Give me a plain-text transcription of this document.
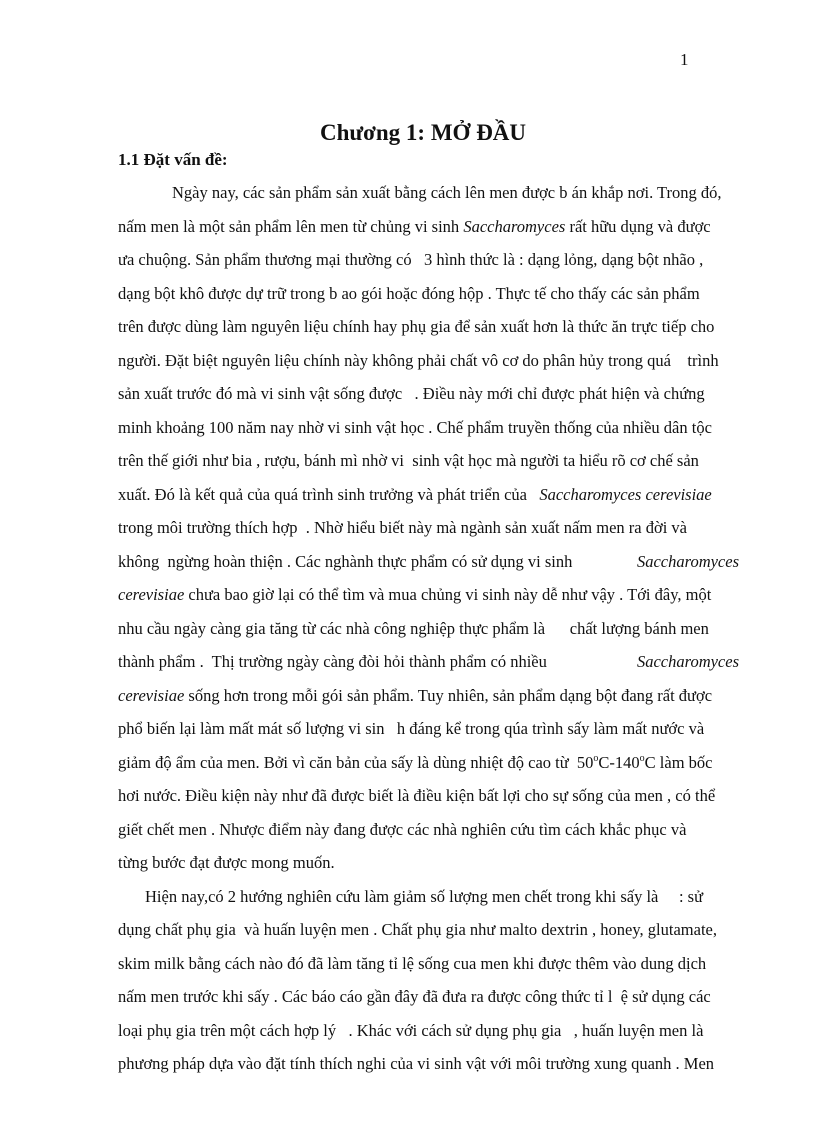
1
Chương 1: MỞ ĐẦU
1.1 Đặt vấn đề:
Ngày nay, các sản phẩm sản xuất bằng cách lên men được b án khắp nơi. Trong đó,
nấm men là một sản phẩm lên men từ chủng vi sinh Saccharomyces rất hữu dụng và được
ưa chuộng. Sản phẩm thương mại thường có   3 hình thức là : dạng lỏng, dạng bột nhão ,
dạng bột khô được dự trữ trong b ao gói hoặc đóng hộp . Thực tế cho thấy các sản phẩm
trên được dùng làm nguyên liệu chính hay phụ gia để sản xuất hơn là thức ăn trực tiếp cho
người. Đặt biệt nguyên liệu chính này không phải chất vô cơ do phân hủy trong quá    trình
sản xuất trước đó mà vi sinh vật sống được   . Điều này mới chỉ được phát hiện và chứng
minh khoảng 100 năm nay nhờ vi sinh vật học . Chế phẩm truyền thống của nhiều dân tộc
trên thế giới như bia , rượu, bánh mì nhờ vi  sinh vật học mà người ta hiểu rõ cơ chế sản
xuất. Đó là kết quả của quá trình sinh trưởng và phát triển của   Saccharomyces cerevisiae
trong môi trường thích hợp  . Nhờ hiểu biết này mà ngành sản xuất nấm men ra đời và
không  ngừng hoàn thiện . Các nghành thực phẩm có sử dụng vi sinh	Saccharomyces
cerevisiae chưa bao giờ lại có thể tìm và mua chủng vi sinh này dễ như vậy . Tới đây, một
nhu cầu ngày càng gia tăng từ các nhà công nghiệp thực phẩm là      chất lượng bánh men
thành phẩm .  Thị trường ngày càng đòi hỏi thành phẩm có nhiều	Saccharomyces
cerevisiae sống hơn trong mỗi gói sản phẩm. Tuy nhiên, sản phẩm dạng bột đang rất được
phổ biến lại làm mất mát số lượng vi sin   h đáng kể trong qúa trình sấy làm mất nước và
giảm độ ẩm của men. Bởi vì căn bản của sấy là dùng nhiệt độ cao từ  50$^o$C-140$^o$C làm bốc
hơi nước. Điều kiện này như đã được biết là điều kiện bất lợi cho sự sống của men , có thể
giết chết men . Nhược điểm này đang được các nhà nghiên cứu tìm cách khắc phục và
từng bước đạt được mong muốn.
Hiện nay,có 2 hướng nghiên cứu làm giảm số lượng men chết trong khi sấy là     : sử
dụng chất phụ gia  và huấn luyện men . Chất phụ gia như malto dextrin , honey, glutamate,
skim milk bằng cách nào đó đã làm tăng tỉ lệ sống cua men khi được thêm vào dung dịch
nấm men trước khi sấy . Các báo cáo gần đây đã đưa ra được công thức tỉ l  ệ sử dụng các
loại phụ gia trên một cách hợp lý   . Khác với cách sử dụng phụ gia   , huấn luyện men là
phương pháp dựa vào đặt tính thích nghi của vi sinh vật với môi trường xung quanh . Men
